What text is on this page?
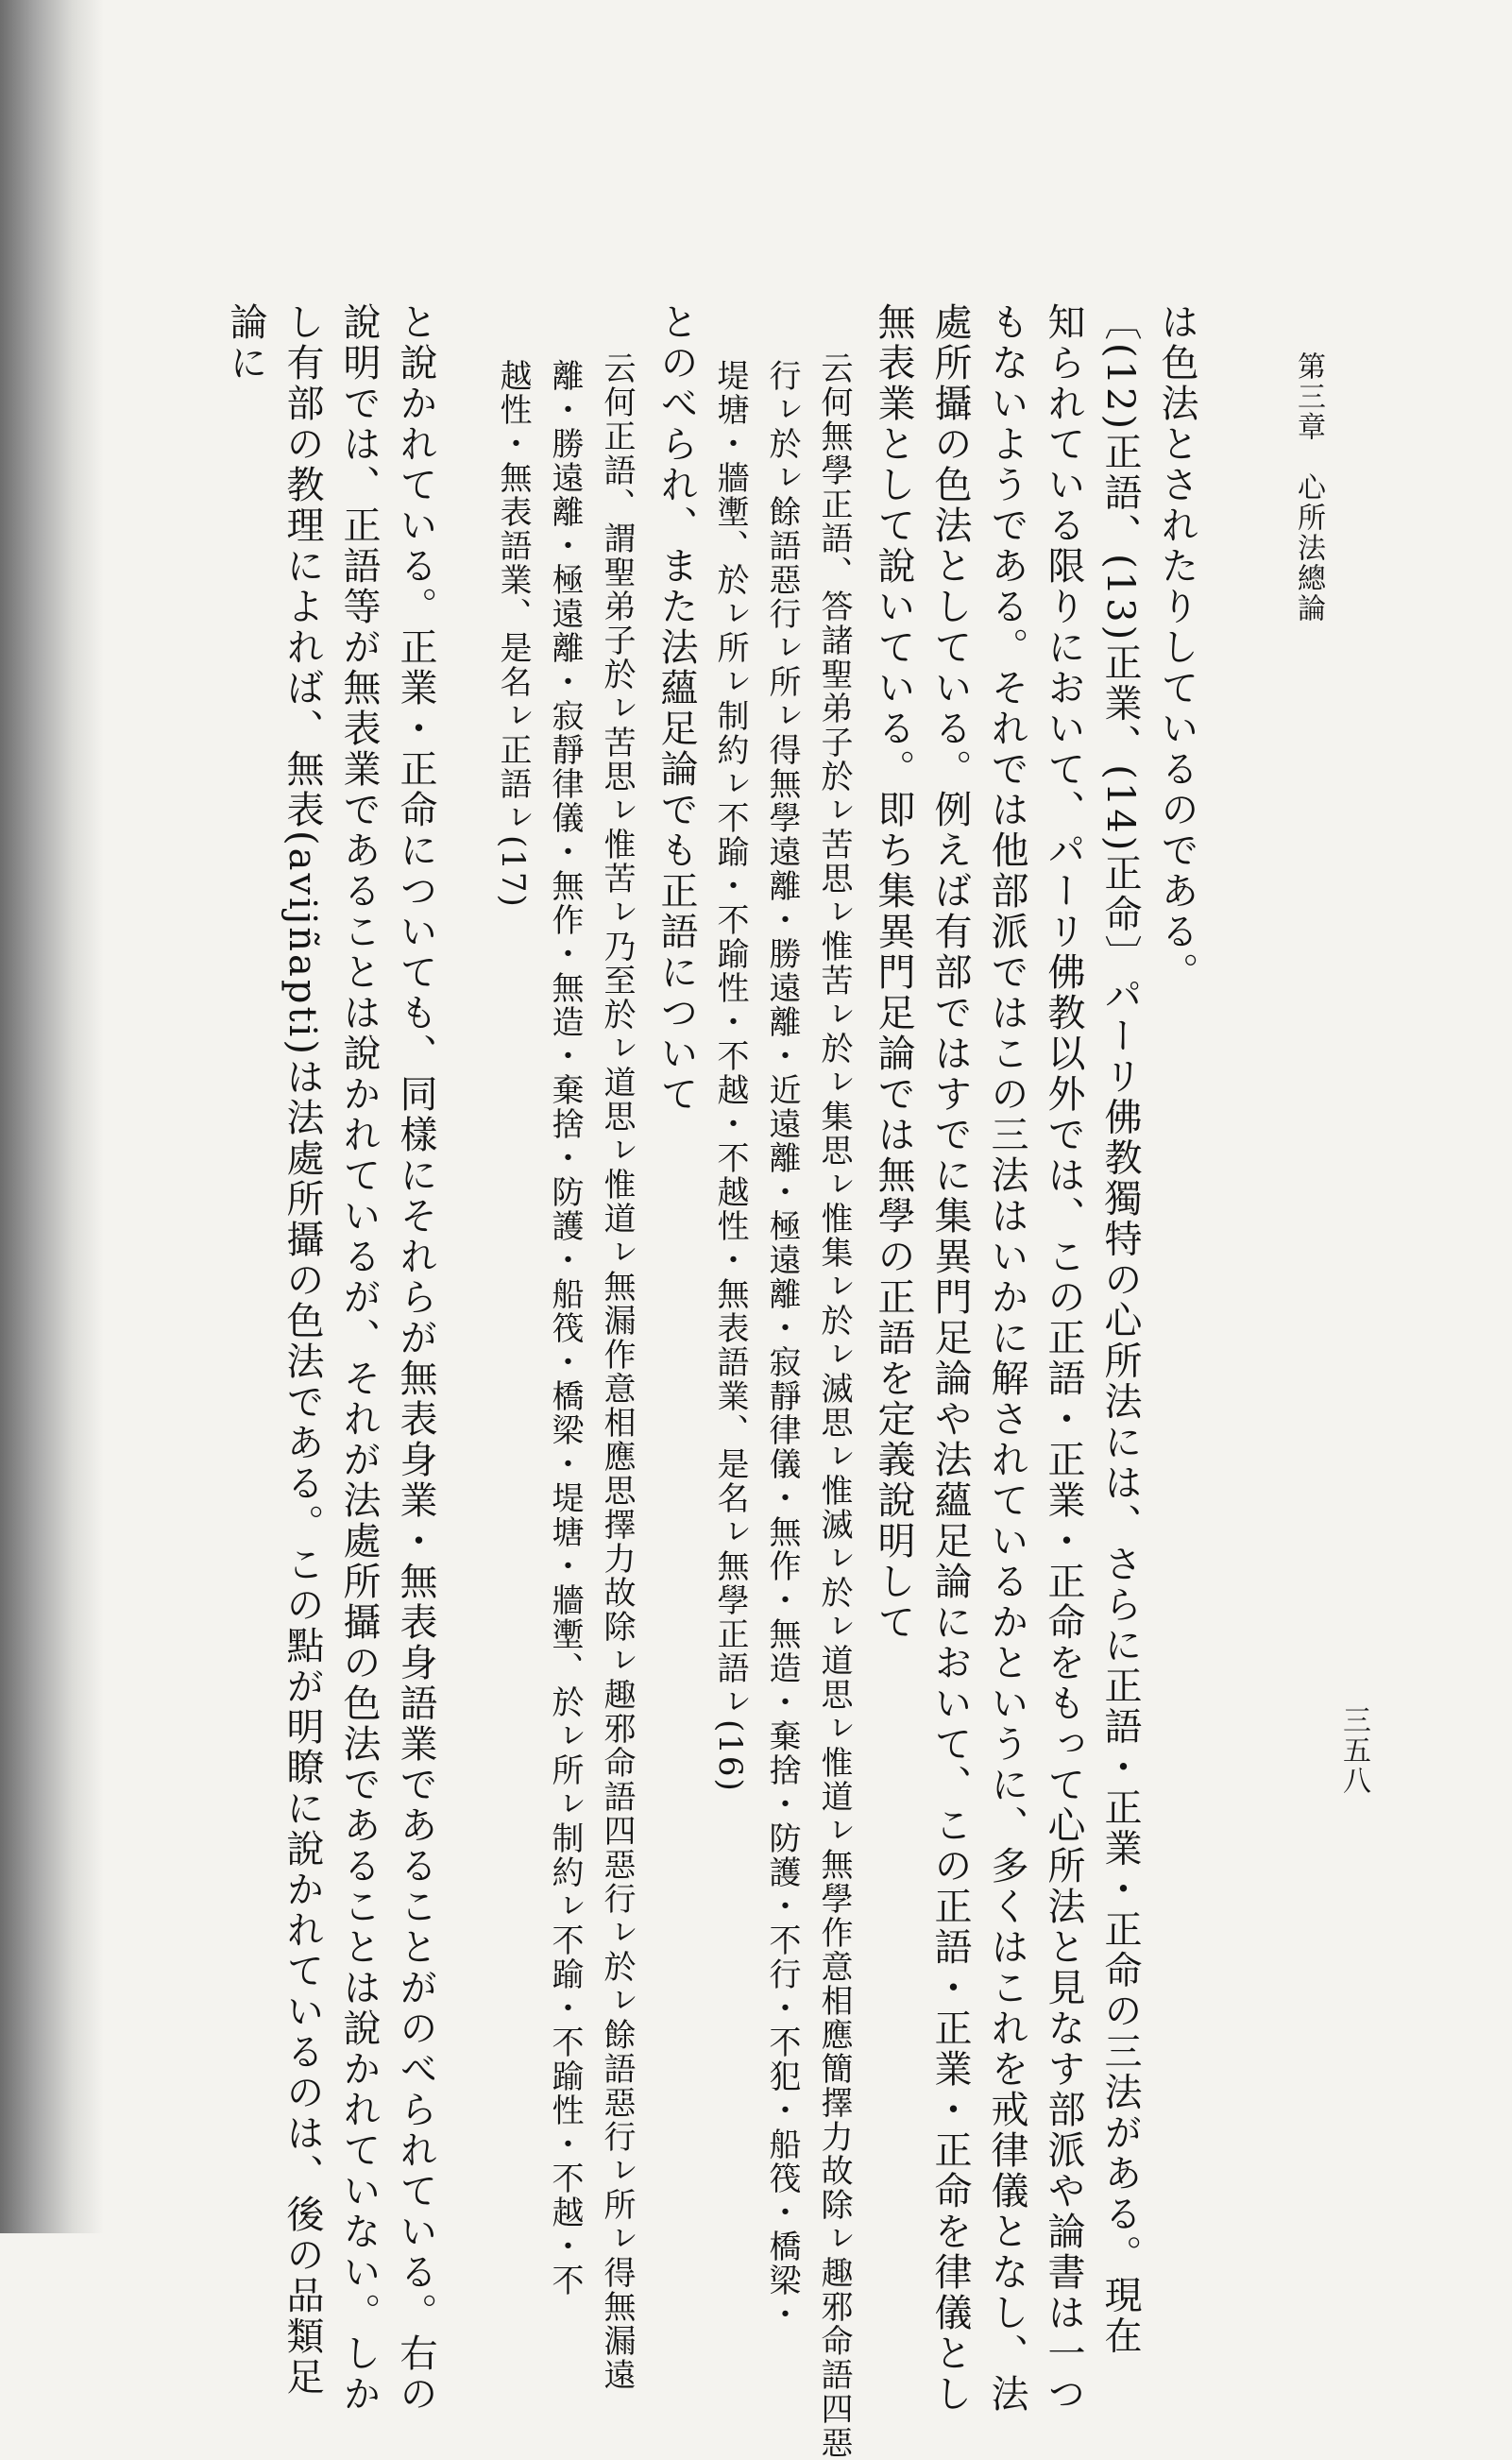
第三章　心所法總論
三五八
は色法とされたりしているのである。
〔(12)正語、(13)正業、(14)正命〕パーリ佛教獨特の心所法には、さらに正語・正業・正命の三法がある。現在
知られている限りにおいて、パーリ佛教以外では、この正語・正業・正命をもって心所法と見なす部派や論書は一つ
もないようである。それでは他部派ではこの三法はいかに解されているかというに、多くはこれを戒律儀となし、法
處所攝の色法としている。例えば有部ではすでに集異門足論や法蘊足論において、この正語・正業・正命を律儀とし
無表業として說いている。即ち集異門足論では無學の正語を定義說明して
云何無學正語、答諸聖弟子於ㇾ苦思ㇾ惟苦ㇾ於ㇾ集思ㇾ惟集ㇾ於ㇾ滅思ㇾ惟滅ㇾ於ㇾ道思ㇾ惟道ㇾ無學作意相應簡擇力故除ㇾ趣邪命語四惡
行ㇾ於ㇾ餘語惡行ㇾ所ㇾ得無學遠離・勝遠離・近遠離・極遠離・寂靜律儀・無作・無造・棄捨・防護・不行・不犯・船筏・橋梁・
堤塘・牆壍、於ㇾ所ㇾ制約ㇾ不踰・不踰性・不越・不越性・無表語業、是名ㇾ無學正語ㇾ(16)
とのべられ、また法蘊足論でも正語について
云何正語、謂聖弟子於ㇾ苦思ㇾ惟苦ㇾ乃至於ㇾ道思ㇾ惟道ㇾ無漏作意相應思擇力故除ㇾ趣邪命語四惡行ㇾ於ㇾ餘語惡行ㇾ所ㇾ得無漏遠
離・勝遠離・極遠離・寂靜律儀・無作・無造・棄捨・防護・船筏・橋梁・堤塘・牆壍、於ㇾ所ㇾ制約ㇾ不踰・不踰性・不越・不
越性・無表語業、是名ㇾ正語ㇾ(17)
と說かれている。正業・正命についても、同樣にそれらが無表身業・無表身語業であることがのべられている。右の
說明では、正語等が無表業であることは說かれているが、それが法處所攝の色法であることは說かれていない。しか
し有部の教理によれば、無表(avijñapti)は法處所攝の色法である。この點が明瞭に說かれているのは、後の品類足
論に
